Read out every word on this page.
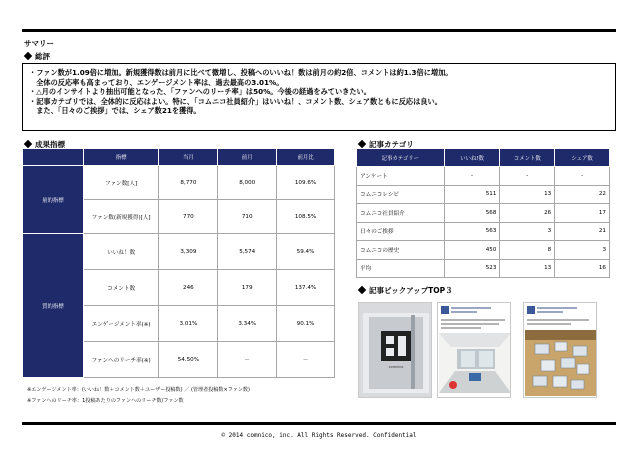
サマリー
総評

・ファン数が1.09倍に増加。新規獲得数は前月に比べて微増し、投稿へのいいね！数は前月の約2倍、コメントは約1.3倍に増加。

　全体の反応率も高まっており、エンゲージメント率は、過去最高の3.01%。

・△月のインサイトより抽出可能となった、「ファンへのリーチ率」は50%。今後の経過をみていきたい。

・記事カテゴリでは、全体的に反応はよい。特に、「コムニコ社員紹介」はいいね！、コメント数、シェア数ともに反応は良い。

　また、「日々のご挨拶」では、シェア数21を獲得。

成果指標
	指標	当月	前月	前月比
量的指標	ファン数[人]	8,770	8,000	109.6%
	ファン数(新規獲得)[人]	770	710	108.5%
質的指標	いいね！数	3,309	5,574	59.4%
	コメント数	246	179	137.4%
	エンゲージメント率(※)	3.01%	3.34%	90.1%
	ファンへのリーチ率(※)	54.50%	－	－
※エンゲージメント率：(いいね！数＋コメント数＋ユーザー投稿数) ／ (管理者投稿数×ファン数)
※ファンへのリーチ率：1投稿あたりのファンへのリーチ数/ファン数
記事カテゴリ
記事カテゴリー	いいね!数	コメント数	シェア数
アンケート	-	-	-
コムニコレシピ	511	13	22
コムニコ社員紹介	568	26	17
日々のご挨拶	563	3	21
コムニコの歴史	450	8	3
平均	523	13	16
記事ピックアップTOP３
comnico
© 2014 comnico, inc. All Rights Reserved. Confidential
